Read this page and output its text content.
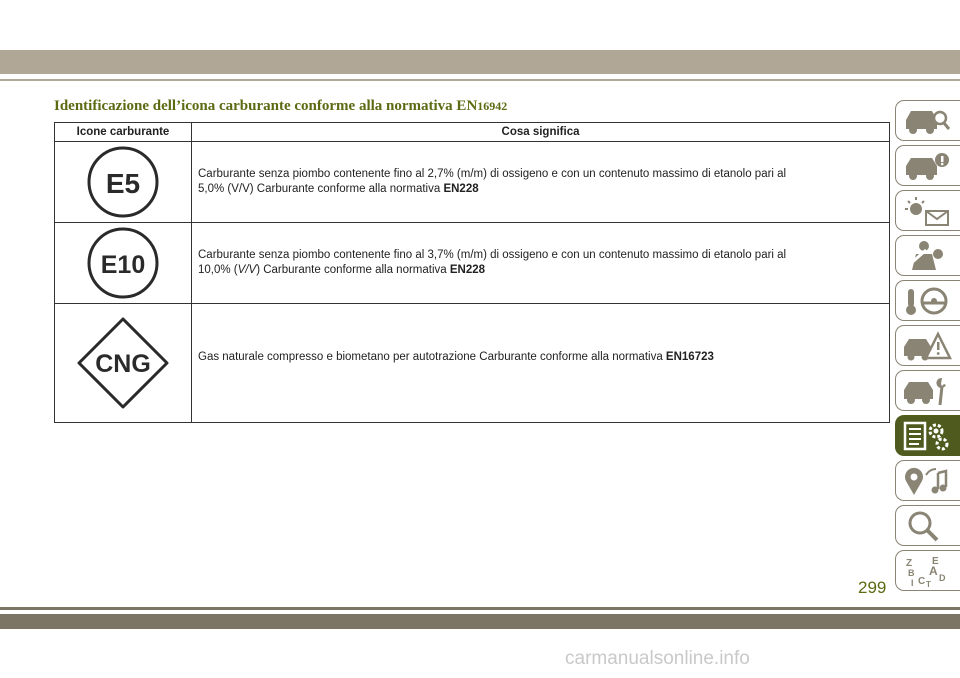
Identificazione dell’icona carburante conforme alla normativa EN16942
Icone carburante	Cosa significa

E5	Carburante senza piombo contenente fino al 2,7% (m/m) di ossigeno e con un contenuto massimo di etanolo pari al
5,0% (V/V) Carburante conforme alla normativa EN228

E10	Carburante senza piombo contenente fino al 3,7% (m/m) di ossigeno e con un contenuto massimo di etanolo pari al
10,0% (V/V) Carburante conforme alla normativa EN228

CNG	Gas naturale compresso e biometano per autotrazione Carburante conforme alla normativa EN16723
Z E
B A
C D
I T
299
carmanualsonline.info
